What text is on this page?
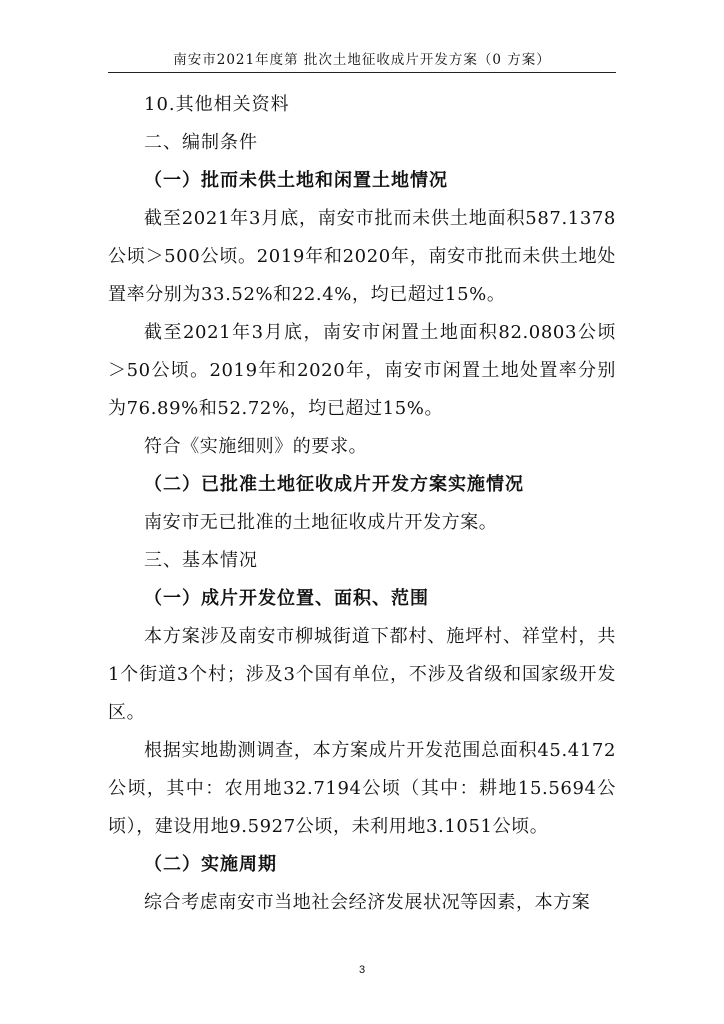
南安市2021年度第 批次土地征收成片开发方案（0 方案）
10.其他相关资料
二、编制条件
（一）批而未供土地和闲置土地情况

截至2021年3月底，南安市批而未供土地面积587.1378公顷＞500公顷。2019年和2020年，南安市批而未供土地处置率分别为33.52%和22.4%，均已超过15%。

截至2021年3月底，南安市闲置土地面积82.0803公顷＞50公顷。2019年和2020年，南安市闲置土地处置率分别为76.89%和52.72%，均已超过15%。

符合《实施细则》的要求。

（二）已批准土地征收成片开发方案实施情况

南安市无已批准的土地征收成片开发方案。

三、基本情况
（一）成片开发位置、面积、范围

本方案涉及南安市柳城街道下都村、施坪村、祥堂村，共1个街道3个村；涉及3个国有单位，不涉及省级和国家级开发区。

根据实地勘测调查，本方案成片开发范围总面积45.4172公顷，其中：农用地32.7194公顷（其中：耕地15.5694公顷），建设用地9.5927公顷，未利用地3.1051公顷。

（二）实施周期

综合考虑南安市当地社会经济发展状况等因素，本方案

3
